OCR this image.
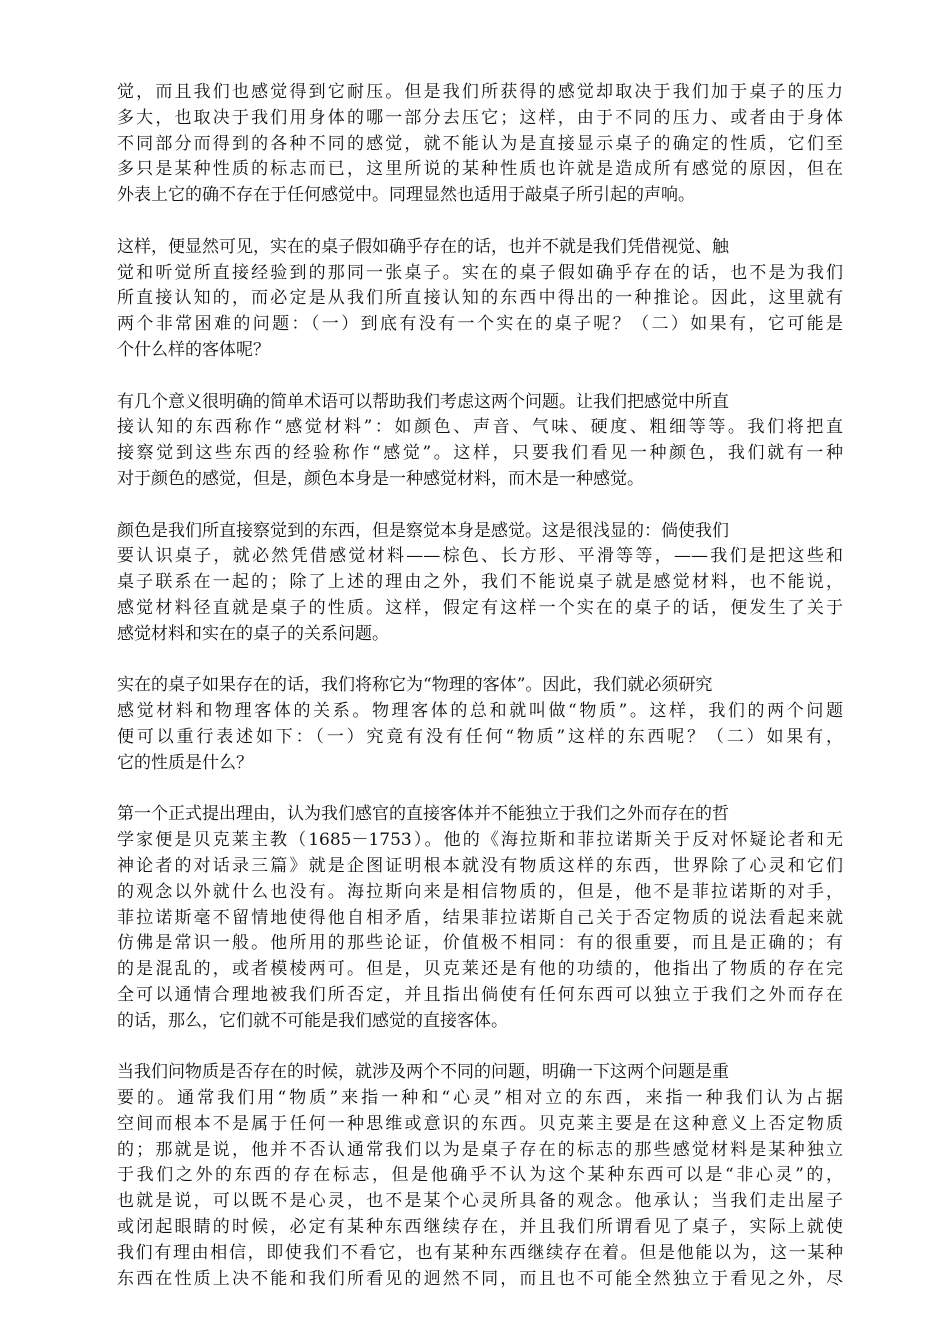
觉，而且我们也感觉得到它耐压。但是我们所获得的感觉却取决于我们加于桌子的压力
多大，也取决于我们用身体的哪一部分去压它；这样，由于不同的压力、或者由于身体
不同部分而得到的各种不同的感觉，就不能认为是直接显示桌子的确定的性质，它们至
多只是某种性质的标志而已，这里所说的某种性质也许就是造成所有感觉的原因，但在
外表上它的确不存在于任何感觉中。同理显然也适用于敲桌子所引起的声响。
这样，便显然可见，实在的桌子假如确乎存在的话，也并不就是我们凭借视觉、触
觉和听觉所直接经验到的那同一张桌子。实在的桌子假如确乎存在的话，也不是为我们
所直接认知的，而必定是从我们所直接认知的东西中得出的一种推论。因此，这里就有
两个非常困难的问题：（一）到底有没有一个实在的桌子呢？（二）如果有，它可能是
个什么样的客体呢？
有几个意义很明确的简单术语可以帮助我们考虑这两个问题。让我们把感觉中所直
接认知的东西称作“感觉材料”：如颜色、声音、气味、硬度、粗细等等。我们将把直
接察觉到这些东西的经验称作“感觉”。这样，只要我们看见一种颜色，我们就有一种
对于颜色的感觉，但是，颜色本身是一种感觉材料，而木是一种感觉。
颜色是我们所直接察觉到的东西，但是察觉本身是感觉。这是很浅显的：倘使我们
要认识桌子，就必然凭借感觉材料——棕色、长方形、平滑等等，——我们是把这些和
桌子联系在一起的；除了上述的理由之外，我们不能说桌子就是感觉材料，也不能说，
感觉材料径直就是桌子的性质。这样，假定有这样一个实在的桌子的话，便发生了关于
感觉材料和实在的桌子的关系问题。
实在的桌子如果存在的话，我们将称它为“物理的客体”。因此，我们就必须研究
感觉材料和物理客体的关系。物理客体的总和就叫做“物质”。这样，我们的两个问题
便可以重行表述如下：（一）究竟有没有任何“物质”这样的东西呢？（二）如果有，
它的性质是什么？
第一个正式提出理由，认为我们感官的直接客体并不能独立于我们之外而存在的哲
学家便是贝克莱主教（1685－1753）。他的《海拉斯和菲拉诺斯关于反对怀疑论者和无
神论者的对话录三篇》就是企图证明根本就没有物质这样的东西，世界除了心灵和它们
的观念以外就什么也没有。海拉斯向来是相信物质的，但是，他不是菲拉诺斯的对手，
菲拉诺斯毫不留情地使得他自相矛盾，结果菲拉诺斯自己关于否定物质的说法看起来就
仿佛是常识一般。他所用的那些论证，价值极不相同：有的很重要，而且是正确的；有
的是混乱的，或者模棱两可。但是，贝克莱还是有他的功绩的，他指出了物质的存在完
全可以通情合理地被我们所否定，并且指出倘使有任何东西可以独立于我们之外而存在
的话，那么，它们就不可能是我们感觉的直接客体。
当我们问物质是否存在的时候，就涉及两个不同的问题，明确一下这两个问题是重
要的。通常我们用“物质”来指一种和“心灵”相对立的东西，来指一种我们认为占据
空间而根本不是属于任何一种思维或意识的东西。贝克莱主要是在这种意义上否定物质
的；那就是说，他并不否认通常我们以为是桌子存在的标志的那些感觉材料是某种独立
于我们之外的东西的存在标志，但是他确乎不认为这个某种东西可以是“非心灵”的，
也就是说，可以既不是心灵，也不是某个心灵所具备的观念。他承认；当我们走出屋子
或闭起眼睛的时候，必定有某种东西继续存在，并且我们所谓看见了桌子，实际上就使
我们有理由相信，即使我们不看它，也有某种东西继续存在着。但是他能以为，这一某种
东西在性质上决不能和我们所看见的迥然不同，而且也不可能全然独立于看见之外，尽
